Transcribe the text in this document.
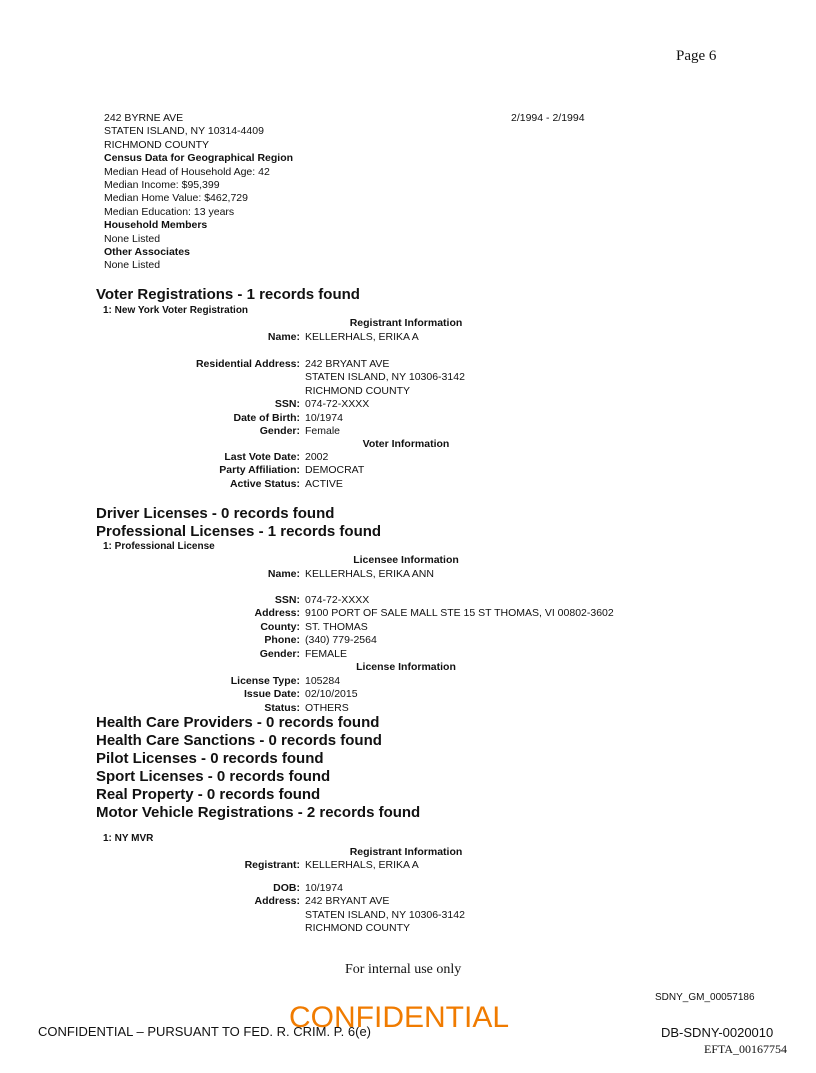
Page 6
242 BYRNE AVE
STATEN ISLAND, NY 10314-4409
RICHMOND COUNTY
Census Data for Geographical Region
Median Head of Household Age: 42
Median Income: $95,399
Median Home Value: $462,729
Median Education: 13 years
Household Members
None Listed
Other Associates
None Listed
2/1994 - 2/1994
Voter Registrations - 1 records found
1: New York Voter Registration
Registrant Information
Name: KELLERHALS, ERIKA A
Residential Address: 242 BRYANT AVE
STATEN ISLAND, NY 10306-3142
RICHMOND COUNTY
SSN: 074-72-XXXX
Date of Birth: 10/1974
Gender: Female
Voter Information
Last Vote Date: 2002
Party Affiliation: DEMOCRAT
Active Status: ACTIVE
Driver Licenses - 0 records found
Professional Licenses - 1 records found
1: Professional License
Licensee Information
Name: KELLERHALS, ERIKA ANN
SSN: 074-72-XXXX
Address: 9100 PORT OF SALE MALL STE 15 ST THOMAS, VI 00802-3602
County: ST. THOMAS
Phone: (340) 779-2564
Gender: FEMALE
License Information
License Type: 105284
Issue Date: 02/10/2015
Status: OTHERS
Health Care Providers - 0 records found
Health Care Sanctions - 0 records found
Pilot Licenses - 0 records found
Sport Licenses - 0 records found
Real Property - 0 records found
Motor Vehicle Registrations - 2 records found
1: NY MVR
Registrant Information
Registrant: KELLERHALS, ERIKA A
DOB: 10/1974
Address: 242 BRYANT AVE
STATEN ISLAND, NY 10306-3142
RICHMOND COUNTY
For internal use only
SDNY_GM_00057186
CONFIDENTIAL – PURSUANT TO FED. R. CRIM. P. 6(e)
CONFIDENTIAL	DB-SDNY-0020010
EFTA_00167754
